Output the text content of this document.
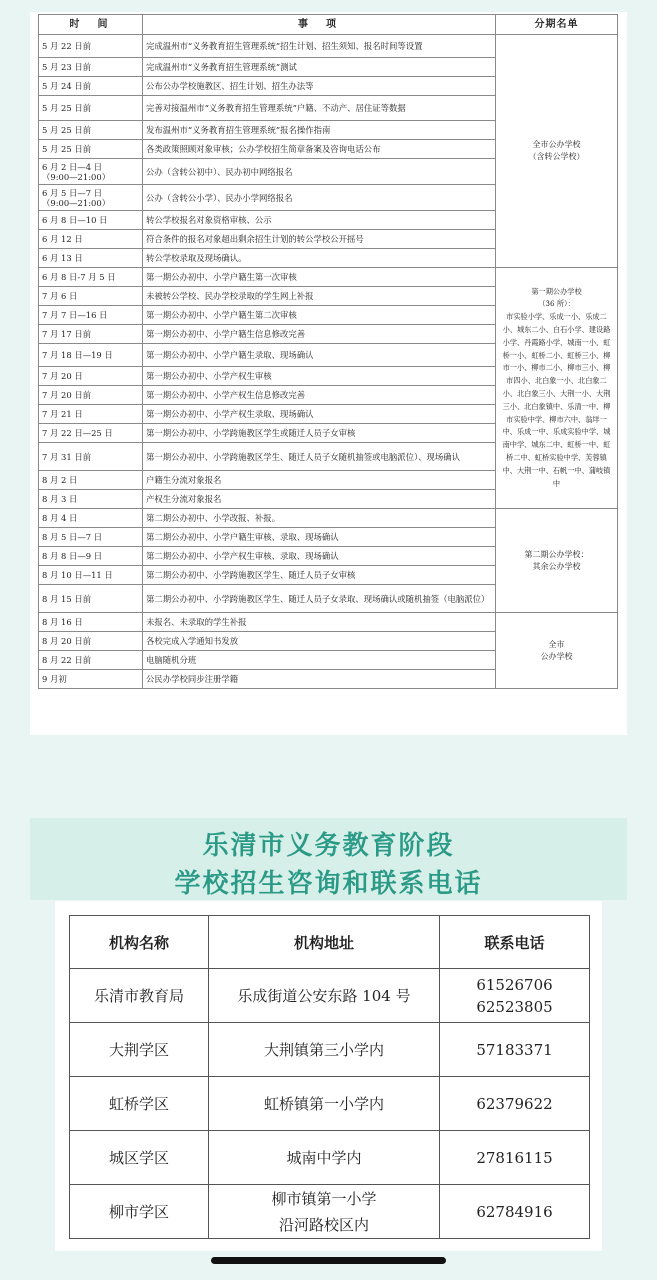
时　间	事　项	分期名单
5 月 22 日前	完成温州市“义务教育招生管理系统”招生计划、招生须知、报名时间等设置	全市公办学校
（含转公学校）
5 月 23 日前	完成温州市“义务教育招生管理系统”测试	
5 月 24 日前	公布公办学校施教区、招生计划、招生办法等	
5 月 25 日前	完善对接温州市“义务教育招生管理系统”户籍、不动产、居住证等数据	
5 月 25 日前	发布温州市“义务教育招生管理系统”报名操作指南	
5 月 25 日前	各类政策照顾对象审核；公办学校招生简章备案及咨询电话公布	
6 月 2 日—4 日
（9:00—21:00）	公办（含转公初中）、民办初中网络报名	
6 月 5 日—7 日
（9:00—21:00）	公办（含转公小学）、民办小学网络报名	
6 月 8 日—10 日	转公学校报名对象资格审核、公示	
6 月 12 日	符合条件的报名对象超出剩余招生计划的转公学校公开摇号	
6 月 13 日	转公学校录取及现场确认。	
6 月 8 日-7 月 5 日	第一期公办初中、小学户籍生第一次审核	第一期公办学校
（36 所）：
市实验小学、乐成一小、乐成二小、城东二小、白石小学、建设路小学、丹霞路小学、城南一小、虹桥一小、虹桥二小、虹桥三小、柳市一小、柳市二小、柳市三小、柳市四小、北白象一小、北白象二小、北白象三小、大荆一小、大荆三小、北白象镇中、乐清一中、柳市实验中学、柳市六中、翁垟一中、乐成一中、乐成实验中学、城南中学、城东二中、虹桥一中、虹桥二中、虹桥实验中学、芙蓉镇中、大荆一中、石帆一中、蒲岐镇中
7 月 6 日	未被转公学校、民办学校录取的学生网上补报	
7 月 7 日—16 日	第一期公办初中、小学户籍生第二次审核	
7 月 17 日前	第一期公办初中、小学户籍生信息修改完善	
7 月 18 日—19 日	第一期公办初中、小学户籍生录取、现场确认	
7 月 20 日	第一期公办初中、小学产权生审核	
7 月 20 日前	第一期公办初中、小学产权生信息修改完善	
7 月 21 日	第一期公办初中、小学产权生录取、现场确认	
7 月 22 日—25 日	第一期公办初中、小学跨施教区学生或随迁人员子女审核	
7 月 31 日前	第一期公办初中、小学跨施教区学生、随迁人员子女随机抽签或电脑派位）、现场确认	
8 月 2 日	户籍生分流对象报名	
8 月 3 日	产权生分流对象报名	
8 月 4 日	第二期公办初中、小学改报、补报。	第二期公办学校：
其余公办学校
8 月 5 日—7 日	第二期公办初中、小学户籍生审核、录取、现场确认	
8 月 8 日—9 日	第二期公办初中、小学产权生审核、录取、现场确认	
8 月 10 日—11 日	第二期公办初中、小学跨施教区学生、随迁人员子女审核	
8 月 15 日前	第二期公办初中、小学跨施教区学生、随迁人员子女录取、现场确认或随机抽签（电脑派位）	
8 月 16 日	未报名、未录取的学生补报	全市
公办学校
8 月 20 日前	各校完成入学通知书发放	
8 月 22 日前	电脑随机分班	
9 月初	公民办学校同步注册学籍	
乐清市义务教育阶段
学校招生咨询和联系电话
机构名称	机构地址	联系电话
乐清市教育局	乐成街道公安东路 104 号	61526706
62523805
大荆学区	大荆镇第三小学内	57183371
虹桥学区	虹桥镇第一小学内	62379622
城区学区	城南中学内	27816115
柳市学区	柳市镇第一小学
沿河路校区内	62784916
